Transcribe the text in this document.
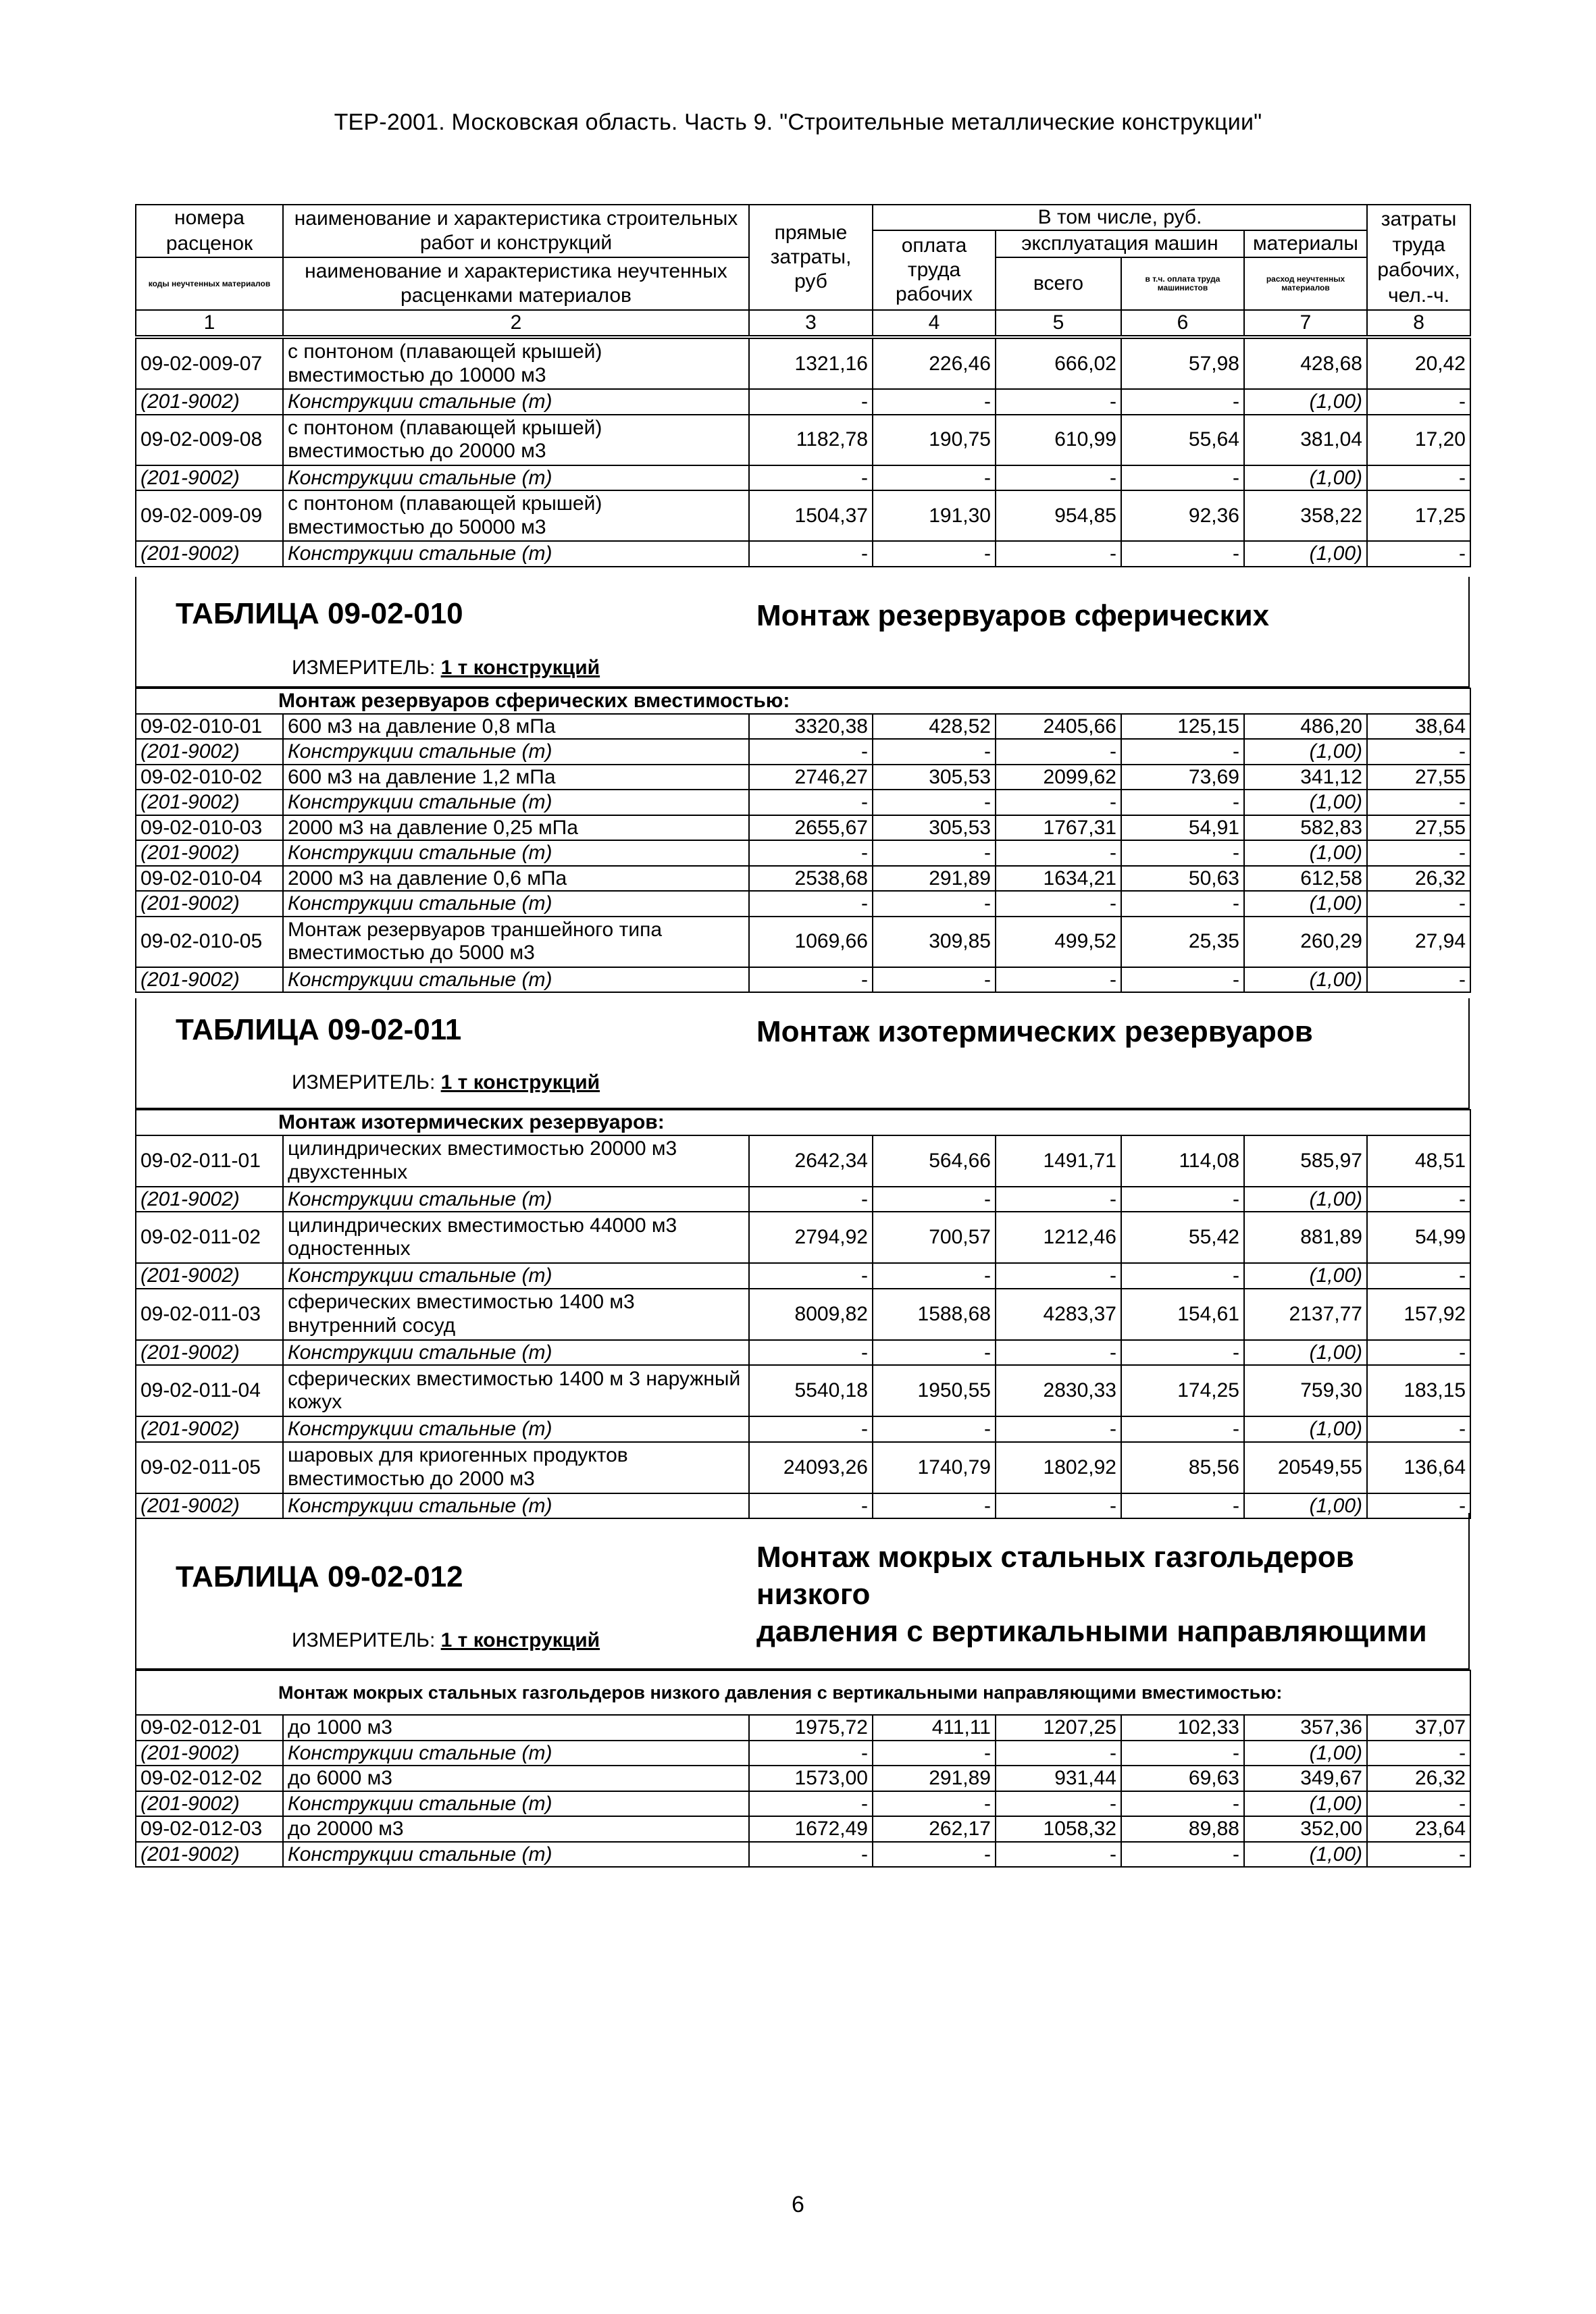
ТЕР-2001. Московская область. Часть 9. "Строительные металлические конструкции"
номера	наименование и характеристика строительных работ и конструкций	прямые затраты, руб	В том числе, руб.				затраты труда рабочих, чел.-ч.
расценок			оплата труда рабочих	эксплуатация машин		материалы	
коды неучтенных материалов	наименование и характеристика неучтенных расценками материалов			всего	в т.ч. оплата труда машинистов	расход неучтенных материалов	

1	2	3	4	5	6	7	8
09-02-009-07	с понтоном (плавающей крышей) вместимостью до 10000 м3	1321,16	226,46	666,02	57,98	428,68	20,42
(201-9002)	Конструкции стальные (т)	-	-	-	-	(1,00)	-
09-02-009-08	с понтоном (плавающей крышей) вместимостью до 20000 м3	1182,78	190,75	610,99	55,64	381,04	17,20
(201-9002)	Конструкции стальные (т)	-	-	-	-	(1,00)	-
09-02-009-09	с понтоном (плавающей крышей) вместимостью до 50000 м3	1504,37	191,30	954,85	92,36	358,22	17,25
(201-9002)	Конструкции стальные (т)	-	-	-	-	(1,00)	-
ТАБЛИЦА 09-02-010	Монтаж резервуаров сферических
ИЗМЕРИТЕЛЬ: 1 т конструкций
Монтаж резервуаров сферических вместимостью:							
09-02-010-01	600 м3 на давление 0,8 мПа	3320,38	428,52	2405,66	125,15	486,20	38,64
(201-9002)	Конструкции стальные (т)	-	-	-	-	(1,00)	-
09-02-010-02	600 м3 на давление 1,2 мПа	2746,27	305,53	2099,62	73,69	341,12	27,55
(201-9002)	Конструкции стальные (т)	-	-	-	-	(1,00)	-
09-02-010-03	2000 м3 на давление 0,25 мПа	2655,67	305,53	1767,31	54,91	582,83	27,55
(201-9002)	Конструкции стальные (т)	-	-	-	-	(1,00)	-
09-02-010-04	2000 м3 на давление 0,6 мПа	2538,68	291,89	1634,21	50,63	612,58	26,32
(201-9002)	Конструкции стальные (т)	-	-	-	-	(1,00)	-
09-02-010-05	Монтаж резервуаров траншейного типа вместимостью до 5000 м3	1069,66	309,85	499,52	25,35	260,29	27,94
(201-9002)	Конструкции стальные (т)	-	-	-	-	(1,00)	-
ТАБЛИЦА 09-02-011	Монтаж изотермических резервуаров
ИЗМЕРИТЕЛЬ: 1 т конструкций
Монтаж изотермических резервуаров:							
09-02-011-01	цилиндрических вместимостью 20000 м3 двухстенных	2642,34	564,66	1491,71	114,08	585,97	48,51
(201-9002)	Конструкции стальные (т)	-	-	-	-	(1,00)	-
09-02-011-02	цилиндрических вместимостью 44000 м3 одностенных	2794,92	700,57	1212,46	55,42	881,89	54,99
(201-9002)	Конструкции стальные (т)	-	-	-	-	(1,00)	-
09-02-011-03	сферических вместимостью 1400 м3 внутренний сосуд	8009,82	1588,68	4283,37	154,61	2137,77	157,92
(201-9002)	Конструкции стальные (т)	-	-	-	-	(1,00)	-
09-02-011-04	сферических вместимостью 1400 м 3 наружный кожух	5540,18	1950,55	2830,33	174,25	759,30	183,15
(201-9002)	Конструкции стальные (т)	-	-	-	-	(1,00)	-
09-02-011-05	шаровых для криогенных продуктов вместимостью до 2000 м3	24093,26	1740,79	1802,92	85,56	20549,55	136,64
(201-9002)	Конструкции стальные (т)	-	-	-	-	(1,00)	-
ТАБЛИЦА 09-02-012
Монтаж мокрых стальных газгольдеров низкого
давления с вертикальными направляющими
ИЗМЕРИТЕЛЬ: 1 т конструкций
Монтаж мокрых стальных газгольдеров низкого давления с вертикальными направляющими вместимостью:							
09-02-012-01	до 1000 м3	1975,72	411,11	1207,25	102,33	357,36	37,07
(201-9002)	Конструкции стальные (т)	-	-	-	-	(1,00)	-
09-02-012-02	до 6000 м3	1573,00	291,89	931,44	69,63	349,67	26,32
(201-9002)	Конструкции стальные (т)	-	-	-	-	(1,00)	-
09-02-012-03	до 20000 м3	1672,49	262,17	1058,32	89,88	352,00	23,64
(201-9002)	Конструкции стальные (т)	-	-	-	-	(1,00)	-
6
